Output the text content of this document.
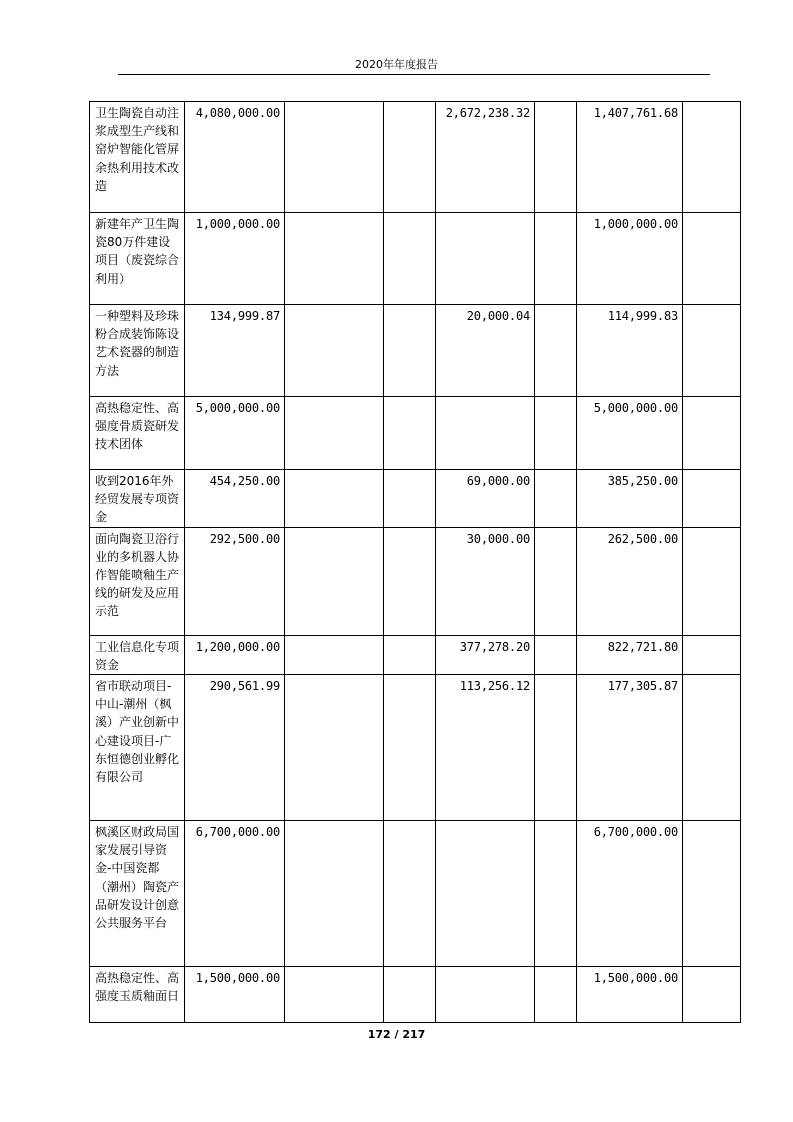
2020年年度报告
卫生陶瓷自动注浆成型生产线和窑炉智能化管屏余热利用技术改造	4,080,000.00			2,672,238.32		1,407,761.68	
新建年产卫生陶瓷80万件建设项目（废瓷综合利用）	1,000,000.00					1,000,000.00	
一种塑料及珍珠粉合成装饰陈设艺术瓷器的制造方法	134,999.87			20,000.04		114,999.83	
高热稳定性、高强度骨质瓷研发技术团体	5,000,000.00					5,000,000.00	
收到2016年外经贸发展专项资金	454,250.00			69,000.00		385,250.00	
面向陶瓷卫浴行业的多机器人协作智能喷釉生产线的研发及应用示范	292,500.00			30,000.00		262,500.00	
工业信息化专项资金	1,200,000.00			377,278.20		822,721.80	
省市联动项目-中山-潮州（枫溪）产业创新中心建设项目-广东恒德创业孵化有限公司	290,561.99			113,256.12		177,305.87	
枫溪区财政局国家发展引导资金-中国瓷都（潮州）陶瓷产品研发设计创意公共服务平台	6,700,000.00					6,700,000.00	
高热稳定性、高强度玉质釉面日	1,500,000.00					1,500,000.00	
172 / 217
